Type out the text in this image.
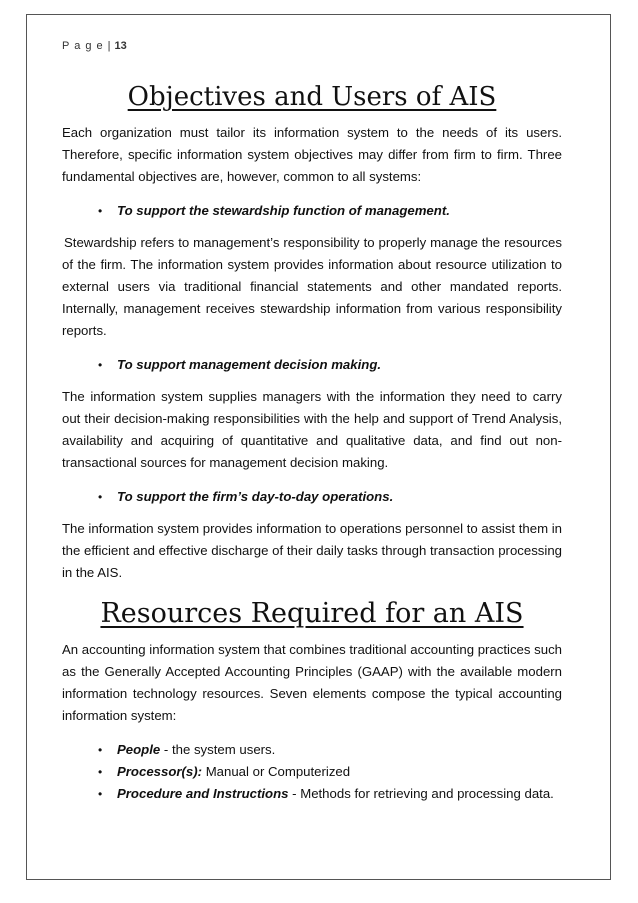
P a g e | 13
Objectives and Users of AIS

Each organization must tailor its information system to the needs of its users. Therefore, specific information system objectives may differ from firm to firm. Three fundamental objectives are, however, common to all systems:

• To support the stewardship function of management.

Stewardship refers to management’s responsibility to properly manage the resources of the firm. The information system provides information about resource utilization to external users via traditional financial statements and other mandated reports. Internally, management receives stewardship information from various responsibility reports.

• To support management decision making.

The information system supplies managers with the information they need to carry out their decision-making responsibilities with the help and support of Trend Analysis, availability and acquiring of quantitative and qualitative data, and find out non-transactional sources for management decision making.

• To support the firm’s day-to-day operations.

The information system provides information to operations personnel to assist them in the efficient and effective discharge of their daily tasks through transaction processing in the AIS.

Resources Required for an AIS

An accounting information system that combines traditional accounting practices such as the Generally Accepted Accounting Principles (GAAP) with the available modern information technology resources. Seven elements compose the typical accounting information system:

• People - the system users.
• Processor(s): Manual or Computerized
• Procedure and Instructions - Methods for retrieving and processing data.
